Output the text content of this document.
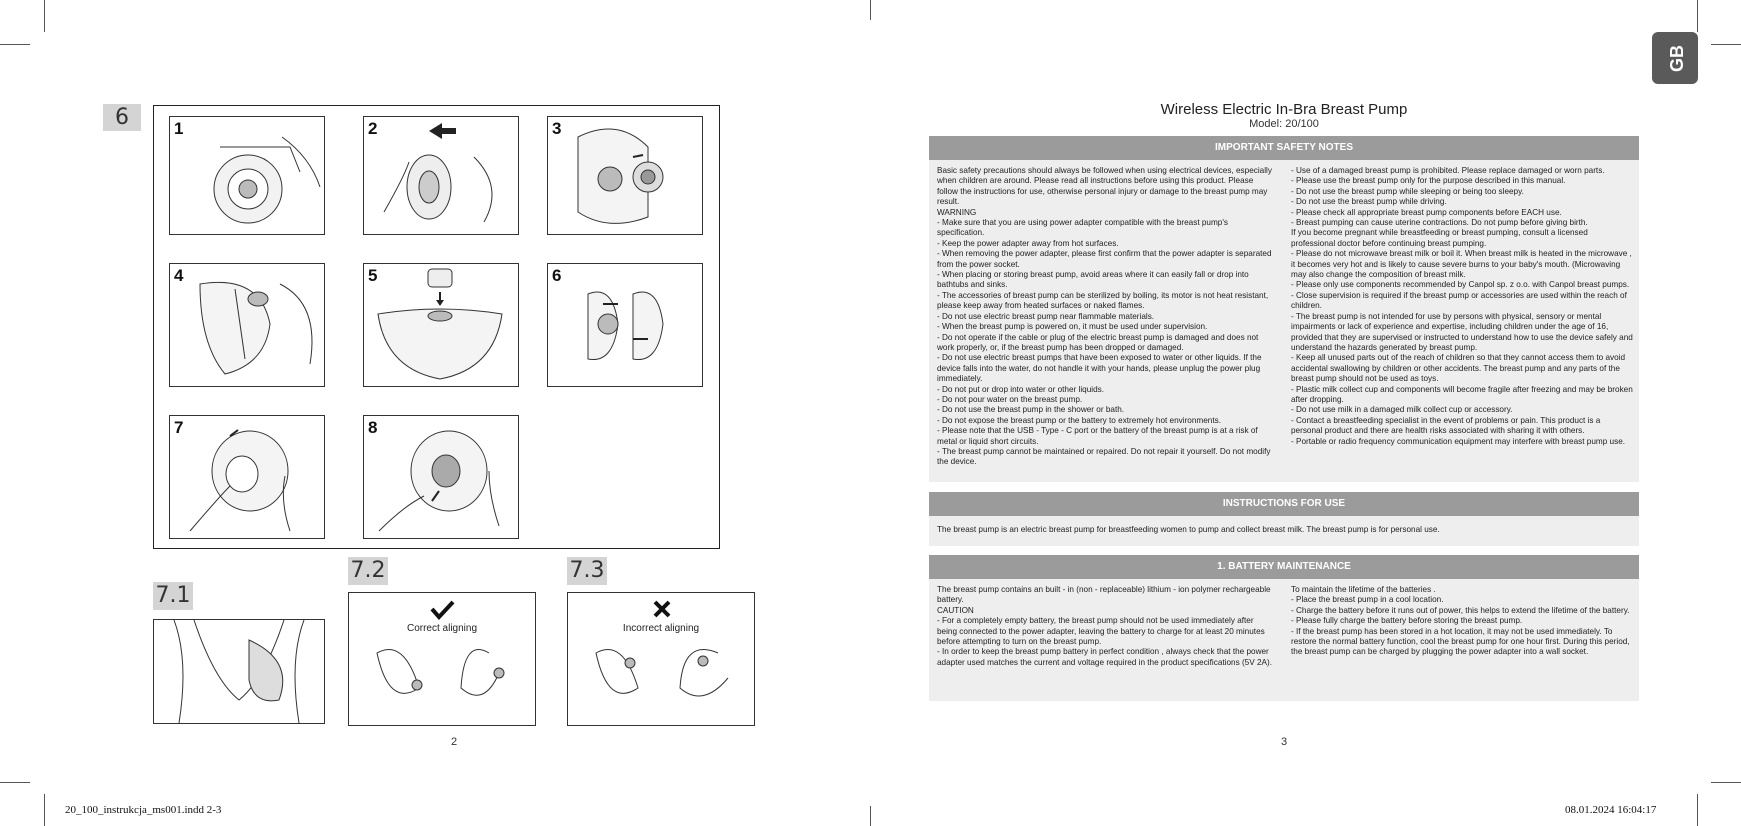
6	1	2	3
4	5	6
7	8
7.1
7.2
Correct aligning
7.3
Incorrect aligning
2
GB
Wireless Electric In-Bra Breast Pump
Model: 20/100
IMPORTANT SAFETY NOTES
Basic safety precautions should always be followed when using electrical devices, especially when children are around. Please read all instructions before using this product. Please follow the instructions for use, otherwise personal injury or damage to the breast pump may result.
WARNING
- Make sure that you are using power adapter compatible with the breast pump's specification.
- Keep the power adapter away from hot surfaces.
- When removing the power adapter, please first confirm that the power adapter is separated from the power socket.
- When placing or storing breast pump, avoid areas where it can easily fall or drop into bathtubs and sinks.
- The accessories of breast pump can be sterilized by boiling, its motor is not heat resistant, please keep away from heated surfaces or naked flames.
- Do not use electric breast pump near flammable materials.
- When the breast pump is powered on, it must be used under supervision.
- Do not operate if the cable or plug of the electric breast pump is damaged and does not work properly, or, if the breast pump has been dropped or damaged.
- Do not use electric breast pumps that have been exposed to water or other liquids. If the device falls into the water, do not handle it with your hands, please unplug the power plug immediately.
- Do not put or drop into water or other liquids.
- Do not pour water on the breast pump.
- Do not use the breast pump in the shower or bath.
- Do not expose the breast pump or the battery to extremely hot environments.
- Please note that the USB - Type - C port or the battery of the breast pump is at a risk of metal or liquid short circuits.
- The breast pump cannot be maintained or repaired. Do not repair it yourself. Do not modify the device.
- Use of a damaged breast pump is prohibited. Please replace damaged or worn parts.
- Please use the breast pump only for the purpose described in this manual.
- Do not use the breast pump while sleeping or being too sleepy.
- Do not use the breast pump while driving.
- Please check all appropriate breast pump components before EACH use.
- Breast pumping can cause uterine contractions. Do not pump before giving birth.
If you become pregnant while breastfeeding or breast pumping, consult a licensed professional doctor before continuing breast pumping.
- Please do not microwave breast milk or boil it. When breast milk is heated in the microwave , it becomes very hot and is likely to cause severe burns to your baby's mouth. (Microwaving may also change the composition of breast milk.
- Please only use components recommended by Canpol sp. z o.o. with Canpol breast pumps.
- Close supervision is required if the breast pump or accessories are used within the reach of children.
- The breast pump is not intended for use by persons with physical, sensory or mental impairments or lack of experience and expertise, including children under the age of 16, provided that they are supervised or instructed to understand how to use the device safely and understand the hazards generated by breast pump.
- Keep all unused parts out of the reach of children so that they cannot access them to avoid accidental swallowing by children or other accidents. The breast pump and any parts of the breast pump should not be used as toys.
- Plastic milk collect cup and components will become fragile after freezing and may be broken after dropping.
- Do not use milk in a damaged milk collect cup or accessory.
- Contact a breastfeeding specialist in the event of problems or pain. This product is a personal product and there are health risks associated with sharing it with others.
- Portable or radio frequency communication equipment may interfere with breast pump use.
INSTRUCTIONS FOR USE
The breast pump is an electric breast pump for breastfeeding women to pump and collect breast milk. The breast pump is for personal use.
1. BATTERY MAINTENANCE
The breast pump contains an built - in (non - replaceable) lithium - ion polymer rechargeable battery.
CAUTION
- For a completely empty battery, the breast pump should not be used immediately after being connected to the power adapter, leaving the battery to charge for at least 20 minutes before attempting to turn on the breast pump.
- In order to keep the breast pump battery in perfect condition , always check that the power adapter used matches the current and voltage required in the product specifications (5V 2A).
To maintain the lifetime of the batteries .
- Place the breast pump in a cool location.
- Charge the battery before it runs out of power, this helps to extend the lifetime of the battery.
- Please fully charge the battery before storing the breast pump.
- If the breast pump has been stored in a hot location, it may not be used immediately. To restore the normal battery function, cool the breast pump for one hour first. During this period, the breast pump can be charged by plugging the power adapter into a wall socket.
3
20_100_instrukcja_ms001.indd 2-3	08.01.2024 16:04:17
